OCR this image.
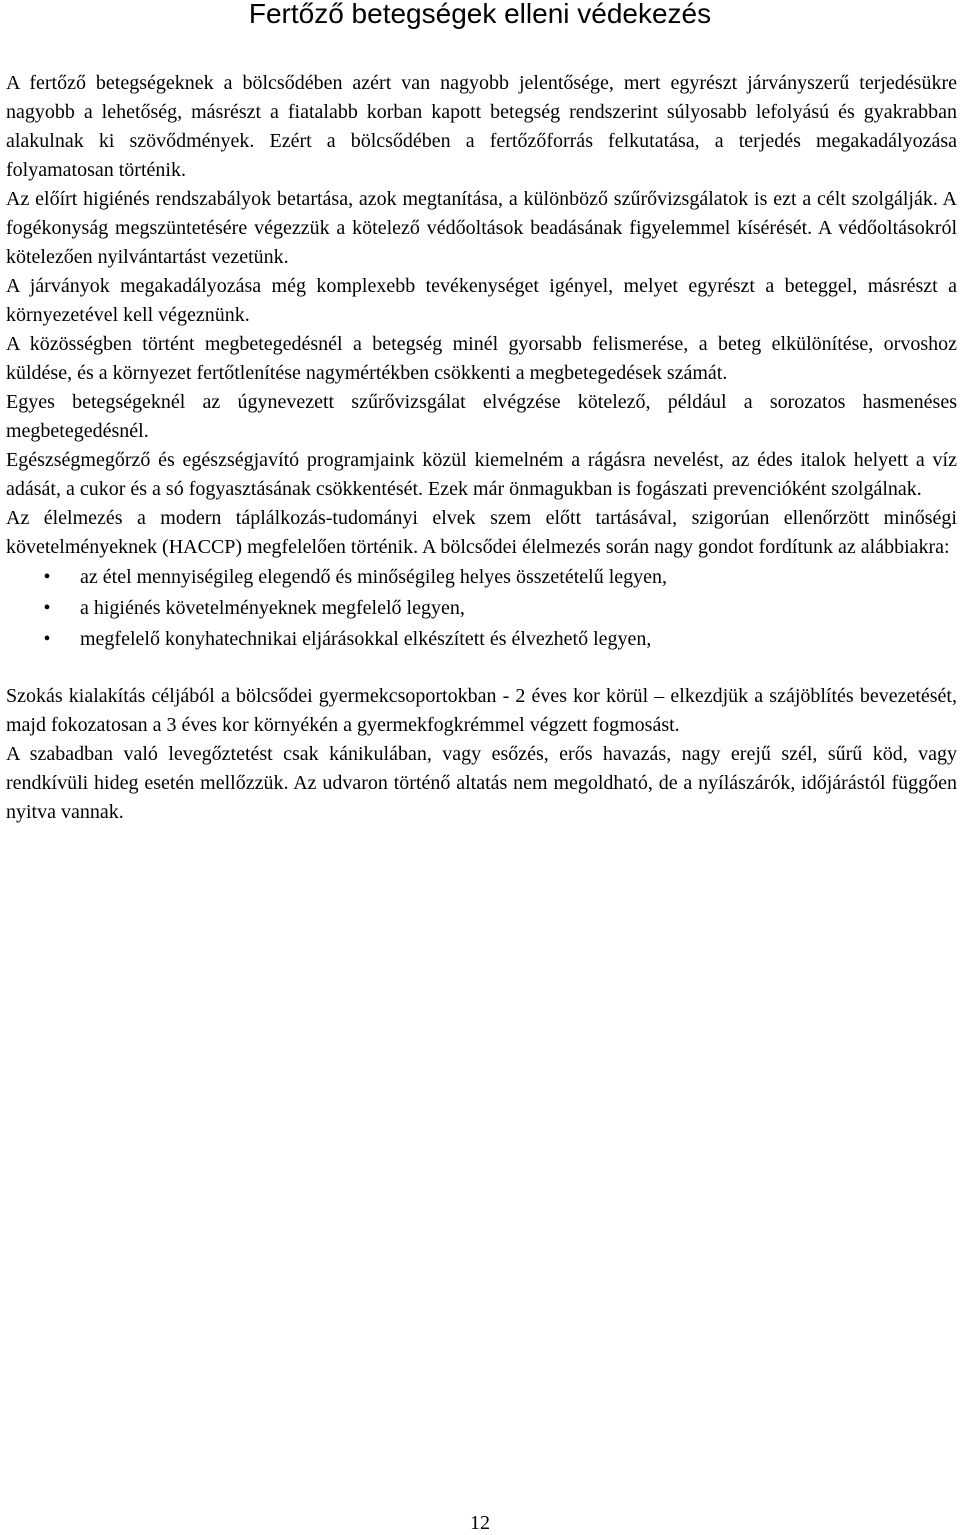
Fertőző betegségek elleni védekezés

A fertőző betegségeknek a bölcsődében azért van nagyobb jelentősége, mert egyrészt járványszerű terjedésükre nagyobb a lehetőség, másrészt a fiatalabb korban kapott betegség rendszerint súlyosabb lefolyású és gyakrabban alakulnak ki szövődmények. Ezért a bölcsődében a fertőzőforrás felkutatása, a terjedés megakadályozása folyamatosan történik.

Az előírt higiénés rendszabályok betartása, azok megtanítása, a különböző szűrővizsgálatok is ezt a célt szolgálják. A fogékonyság megszüntetésére végezzük a kötelező védőoltások beadásának figyelemmel kísérését. A védőoltásokról kötelezően nyilvántartást vezetünk.

A járványok megakadályozása még komplexebb tevékenységet igényel, melyet egyrészt a beteggel, másrészt a környezetével kell végeznünk.

A közösségben történt megbetegedésnél a betegség minél gyorsabb felismerése, a beteg elkülönítése, orvoshoz küldése, és a környezet fertőtlenítése nagymértékben csökkenti a megbetegedések számát.

Egyes betegségeknél az úgynevezett szűrővizsgálat elvégzése kötelező, például a sorozatos hasmenéses megbetegedésnél.

Egészségmegőrző és egészségjavító programjaink közül kiemelném a rágásra nevelést, az édes italok helyett a víz adását, a cukor és a só fogyasztásának csökkentését. Ezek már önmagukban is fogászati prevencióként szolgálnak.

Az élelmezés a modern táplálkozás-tudományi elvek szem előtt tartásával, szigorúan ellenőrzött minőségi követelményeknek (HACCP) megfelelően történik. A bölcsődei élelmezés során nagy gondot fordítunk az alábbiakra:

• az étel mennyiségileg elegendő és minőségileg helyes összetételű legyen,
• a higiénés követelményeknek megfelelő legyen,
• megfelelő konyhatechnikai eljárásokkal elkészített és élvezhető legyen,

Szokás kialakítás céljából a bölcsődei gyermekcsoportokban - 2 éves kor körül – elkezdjük a szájöblítés bevezetését, majd fokozatosan a 3 éves kor környékén a gyermekfogkrémmel végzett fogmosást.

A szabadban való levegőztetést csak kánikulában, vagy esőzés, erős havazás, nagy erejű szél, sűrű köd, vagy rendkívüli hideg esetén mellőzzük. Az udvaron történő altatás nem megoldható, de a nyílászárók, időjárástól függően nyitva vannak.

12
